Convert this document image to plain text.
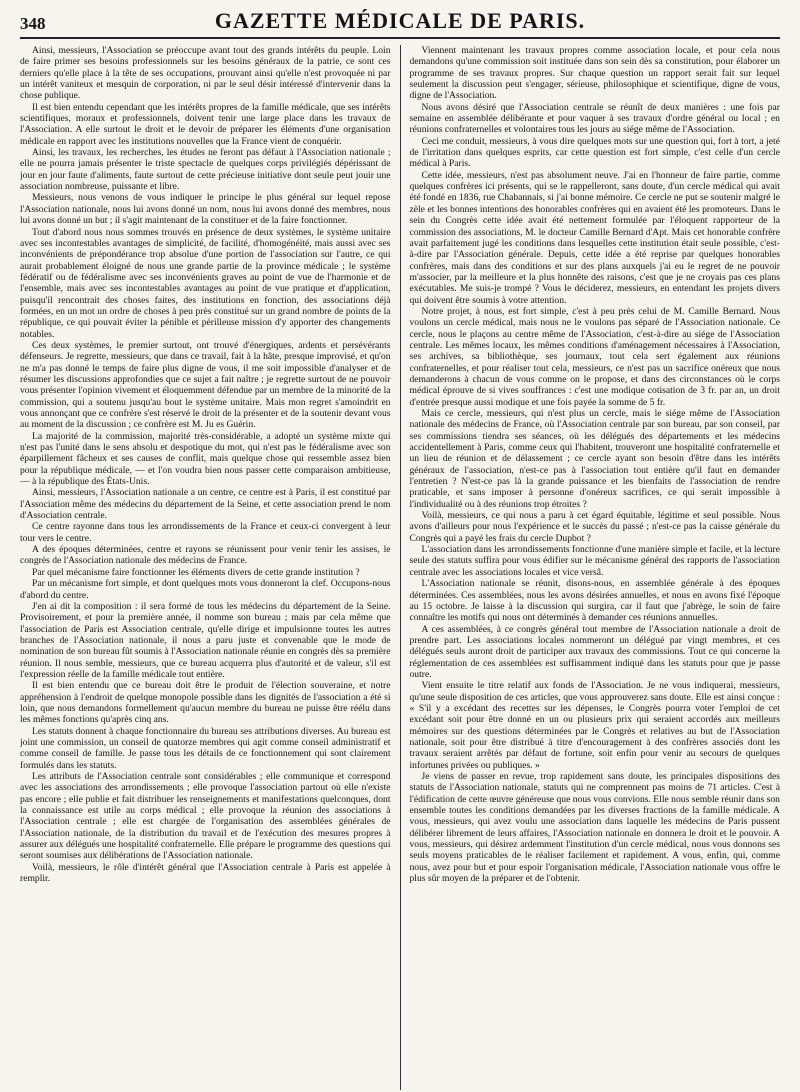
348	GAZETTE MÉDICALE DE PARIS.

Ainsi, messieurs, l'Association se préoccupe avant tout des grands intérêts du peuple. Loin de faire primer ses besoins professionnels sur les besoins généraux de la patrie, ce sont ces derniers qu'elle place à la tête de ses occupations, prouvant ainsi qu'elle n'est provoquée ni par un intérêt vaniteux et mesquin de corporation, ni par le seul désir intéressé d'intervenir dans la chose publique.

Il est bien entendu cependant que les intérêts propres de la famille médicale, que ses intérêts scientifiques, moraux et professionnels, doivent tenir une large place dans les travaux de l'Association. A elle surtout le droit et le devoir de préparer les éléments d'une organisation médicale en rapport avec les institutions nouvelles que la France vient de conquérir.

Ainsi, les travaux, les recherches, les études ne feront pas défaut à l'Association nationale ; elle ne pourra jamais présenter le triste spectacle de quelques corps privilégiés dépérissant de jour en jour faute d'aliments, faute surtout de cette précieuse initiative dont seule peut jouir une association nombreuse, puissante et libre.

Messieurs, nous venons de vous indiquer le principe le plus général sur lequel repose l'Association nationale, nous lui avons donné un nom, nous lui avons donné des membres, nous lui avons donné un but ; il s'agit maintenant de la constituer et de la faire fonctionner.

Tout d'abord nous nous sommes trouvés en présence de deux systèmes, le système unitaire avec ses incontestables avantages de simplicité, de facilité, d'homogénéité, mais aussi avec ses inconvénients de prépondérance trop absolue d'une portion de l'association sur l'autre, ce qui aurait probablement éloigné de nous une grande partie de la province médicale ; le système fédératif ou de fédéralisme avec ses inconvénients graves au point de vue de l'harmonie et de l'ensemble, mais avec ses incontestables avantages au point de vue pratique et d'application, puisqu'il rencontrait des choses faites, des institutions en fonction, des associations déjà formées, en un mot un ordre de choses à peu près constitué sur un grand nombre de points de la république, ce qui pouvait éviter la pénible et périlleuse mission d'y apporter des changements notables.

Ces deux systèmes, le premier surtout, ont trouvé d'énergiques, ardents et persévérants défenseurs. Je regrette, messieurs, que dans ce travail, fait à la hâte, presque improvisé, et qu'on ne m'a pas donné le temps de faire plus digne de vous, il me soit impossible d'analyser et de résumer les discussions approfondies que ce sujet a fait naître ; je regrette surtout de ne pouvoir vous présenter l'opinion vivement et éloquemment défendue par un membre de la minorité de la commission, qui a soutenu jusqu'au bout le système unitaire. Mais mon regret s'amoindrit en vous annonçant que ce confrère s'est réservé le droit de la présenter et de la soutenir devant vous au moment de la discussion ; ce confrère est M. Ju es Guérin.

La majorité de la commission, majorité très-considérable, a adopté un système mixte qui n'est pas l'unité dans le sens absolu et despotique du mot, qui n'est pas le fédéralisme avec son éparpillement fâcheux et ses causes de conflit, mais quelque chose qui ressemble assez bien pour la république médicale, — et l'on voudra bien nous passer cette comparaison ambitieuse, — à la république des États-Unis.

Ainsi, messieurs, l'Association nationale a un centre, ce centre est à Paris, il est constitué par l'Association même des médecins du département de la Seine, et cette association prend le nom d'Association centrale.

Ce centre rayonne dans tous les arrondissements de la France et ceux-ci convergent à leur tour vers le centre.

A des époques déterminées, centre et rayons se réunissent pour venir tenir les assises, le congrès de l'Association nationale des médecins de France.

Par quel mécanisme faire fonctionner les éléments divers de cette grande institution ?

Par un mécanisme fort simple, et dont quelques mots vous donneront la clef. Occupons-nous d'abord du centre.

J'en ai dit la composition : il sera formé de tous les médecins du département de la Seine. Provisoirement, et pour la première année, il nomme son bureau ; mais par cela même que l'association de Paris est Association centrale, qu'elle dirige et impulsionne toutes les autres branches de l'Association nationale, il nous a paru juste et convenable que le mode de nomination de son bureau fût soumis à l'Association nationale réunie en congrès dès sa première réunion. Il nous semble, messieurs, que ce bureau acquerra plus d'autorité et de valeur, s'il est l'expression réelle de la famille médicale tout entière.

Il est bien entendu que ce bureau doit être le produit de l'élection souveraine, et notre appréhension à l'endroit de quelque monopole possible dans les dignités de l'association a été si loin, que nous demandons formellement qu'aucun membre du bureau ne puisse être réélu dans les mêmes fonctions qu'après cinq ans.

Les statuts donnent à chaque fonctionnaire du bureau ses attributions diverses. Au bureau est joint une commission, un conseil de quatorze membres qui agit comme conseil administratif et comme conseil de famille. Je passe tous les détails de ce fonctionnement qui sont clairement formulés dans les statuts.

Les attributs de l'Association centrale sont considérables ; elle communique et correspond avec les associations des arrondissements ; elle provoque l'association partout où elle n'existe pas encore ; elle publie et fait distribuer les renseignements et manifestations quelconques, dont la connaissance est utile au corps médical ; elle provoque la réunion des associations à l'Association centrale ; elle est chargée de l'organisation des assemblées générales de l'Association nationale, de la distribution du travail et de l'exécution des mesures propres à assurer aux délégués une hospitalité confraternelle. Elle prépare le programme des questions qui seront soumises aux délibérations de l'Association nationale.

Voilà, messieurs, le rôle d'intérêt général que l'Association centrale à Paris est appelée à remplir.

Viennent maintenant les travaux propres comme association locale, et pour cela nous demandons qu'une commission soit instituée dans son sein dès sa constitution, pour élaborer un programme de ses travaux propres. Sur chaque question un rapport serait fait sur lequel seulement la discussion peut s'engager, sérieuse, philosophique et scientifique, digne de vous, digne de l'Association.

Nous avons désiré que l'Association centrale se réunît de deux manières : une fois par semaine en assemblée délibérante et pour vaquer à ses travaux d'ordre général ou local ; en réunions confraternelles et volontaires tous les jours au siége même de l'Association.

Ceci me conduit, messieurs, à vous dire quelques mots sur une question qui, fort à tort, a jeté de l'irritation dans quelques esprits, car cette question est fort simple, c'est celle d'un cercle médical à Paris.

Cette idée, messieurs, n'est pas absolument neuve. J'ai en l'honneur de faire partie, comme quelques confrères ici présents, qui se le rappelleront, sans doute, d'un cercle médical qui avait été fondé en 1836, rue Chabannais, si j'ai bonne mémoire. Ce cercle ne put se soutenir malgré le zèle et les bonnes intentions des honorables confrères qui en avaient été les promoteurs. Dans le sein du Congrès cette idée avait été nettement formulée par l'éloquent rapporteur de la commission des associations, M. le docteur Camille Bernard d'Apt. Mais cet honorable confrère avait parfaitement jugé les conditions dans lesquelles cette institution était seule possible, c'est-à-dire par l'Association générale. Depuis, cette idée a été reprise par quelques honorables confrères, mais dans des conditions et sur des plans auxquels j'ai eu le regret de ne pouvoir m'associer, par la meilleure et la plus honnête des raisons, c'est que je ne croyais pas ces plans exécutables. Me suis-je trompé ? Vous le déciderez, messieurs, en entendant les projets divers qui doivent être soumis à votre attention.

Notre projet, à nous, est fort simple, c'est à peu près celui de M. Camille Bernard. Nous voulons un cercle médical, mais nous ne le voulons pas séparé de l'Association nationale. Ce cercle, nous le plaçons au centre même de l'Association, c'est-à-dire au siége de l'Association centrale. Les mêmes locaux, les mêmes conditions d'aménagement nécessaires à l'Association, ses archives, sa bibliothèque, ses journaux, tout cela sert également aux réunions confraternelles, et pour réaliser tout cela, messieurs, ce n'est pas un sacrifice onéreux que nous demanderons à chacun de vous comme on le propose, et dans des circonstances où le corps médical éprouve de si vives souffrances : c'est une modique cotisation de 3 fr. par an, un droit d'entrée presque aussi modique et une fois payée la somme de 5 fr.

Mais ce cercle, messieurs, qui n'est plus un cercle, mais le siége même de l'Association nationale des médecins de France, où l'Association centrale par son bureau, par son conseil, par ses commissions tiendra ses séances, où les délégués des départements et les médecins accidentellement à Paris, comme ceux qui l'habitent, trouveront une hospitalité confraternelle et un lieu de réunion et de délassement ; ce cercle ayant son besoin d'être dans les intérêts généraux de l'association, n'est-ce pas à l'association tout entière qu'il faut en demander l'entretien ? N'est-ce pas là la grande puissance et les bienfaits de l'association de rendre praticable, et sans imposer à personne d'onéreux sacrifices, ce qui serait impossible à l'individualité ou à des réunions trop étroites ?

Voilà, messieurs, ce qui nous a paru à cet égard équitable, légitime et seul possible. Nous avons d'ailleurs pour nous l'expérience et le succès du passé ; n'est-ce pas la caisse générale du Congrès qui a payé les frais du cercle Dupbot ?

L'association dans les arrondissements fonctionne d'une manière simple et facile, et la lecture seule des statuts suffira pour vous édifier sur le mécanisme général des rapports de l'association centrale avec les associations locales et vice versâ.

L'Association nationale se réunit, disons-nous, en assemblée générale à des époques déterminées. Ces assemblées, nous les avons désirées annuelles, et nous en avons fixé l'époque au 15 octobre. Je laisse à la discussion qui surgira, car il faut que j'abrège, le soin de faire connaître les motifs qui nous ont déterminés à demander ces réunions annuelles.

A ces assemblées, à ce congrès général tout membre de l'Association nationale a droit de prendre part. Les associations locales nommeront un délégué par vingt membres, et ces délégués seuls auront droit de participer aux travaux des commissions. Tout ce qui concerne la réglementation de ces assemblées est suffisamment indiqué dans les statuts pour que je passe outre.

Vient ensuite le titre relatif aux fonds de l'Association. Je ne vous indiquerai, messieurs, qu'une seule disposition de ces articles, que vous approuverez sans doute. Elle est ainsi conçue : « S'il y a excédant des recettes sur les dépenses, le Congrès pourra voter l'emploi de cet excédant soit pour être donné en un ou plusieurs prix qui seraient accordés aux meilleurs mémoires sur des questions déterminées par le Congrès et relatives au but de l'Association nationale, soit pour être distribué à titre d'encouragement à des confrères associés dont les travaux seraient arrêtés par défaut de fortune, soit enfin pour venir au secours de quelques infortunes privées ou publiques. »

Je viens de passer en revue, trop rapidement sans doute, les principales dispositions des statuts de l'Association nationale, statuts qui ne comprennent pas moins de 71 articles. C'est à l'édification de cette œuvre généreuse que nous vous convions. Elle nous semble réunir dans son ensemble toutes les conditions demandées par les diverses fractions de la famille médicale. A vous, messieurs, qui avez voulu une association dans laquelle les médecins de Paris pussent délibérer librement de leurs affaires, l'Association nationale en donnera le droit et le pouvoir. A vous, messieurs, qui désirez ardemment l'institution d'un cercle médical, nous vous donnons ses seuls moyens praticables de le réaliser facilement et rapidement. A vous, enfin, qui, comme nous, avez pour but et pour espoir l'organisation médicale, l'Association nationale vous offre le plus sûr moyen de la préparer et de l'obtenir.
